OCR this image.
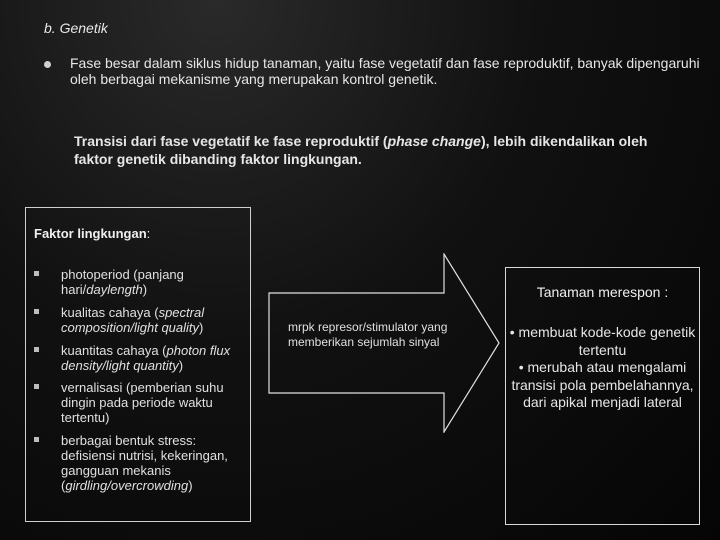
b. Genetik
Fase besar dalam siklus hidup tanaman, yaitu fase vegetatif dan fase reproduktif, banyak dipengaruhi oleh berbagai mekanisme yang merupakan kontrol genetik.
Transisi dari fase vegetatif ke fase reproduktif (phase change), lebih dikendalikan oleh faktor genetik dibanding faktor lingkungan.
Faktor lingkungan:
photoperiod (panjang hari/daylength)
kualitas cahaya (spectral composition/light quality)
kuantitas cahaya (photon flux density/light quantity)
vernalisasi (pemberian suhu dingin pada periode waktu tertentu)
berbagai bentuk stress: defisiensi nutrisi, kekeringan, gangguan mekanis (girdling/overcrowding)
mrpk represor/stimulator yang memberikan sejumlah sinyal
Tanaman merespon :
• membuat kode-kode genetik tertentu
• merubah atau mengalami transisi pola pembelahannya, dari apikal menjadi lateral
